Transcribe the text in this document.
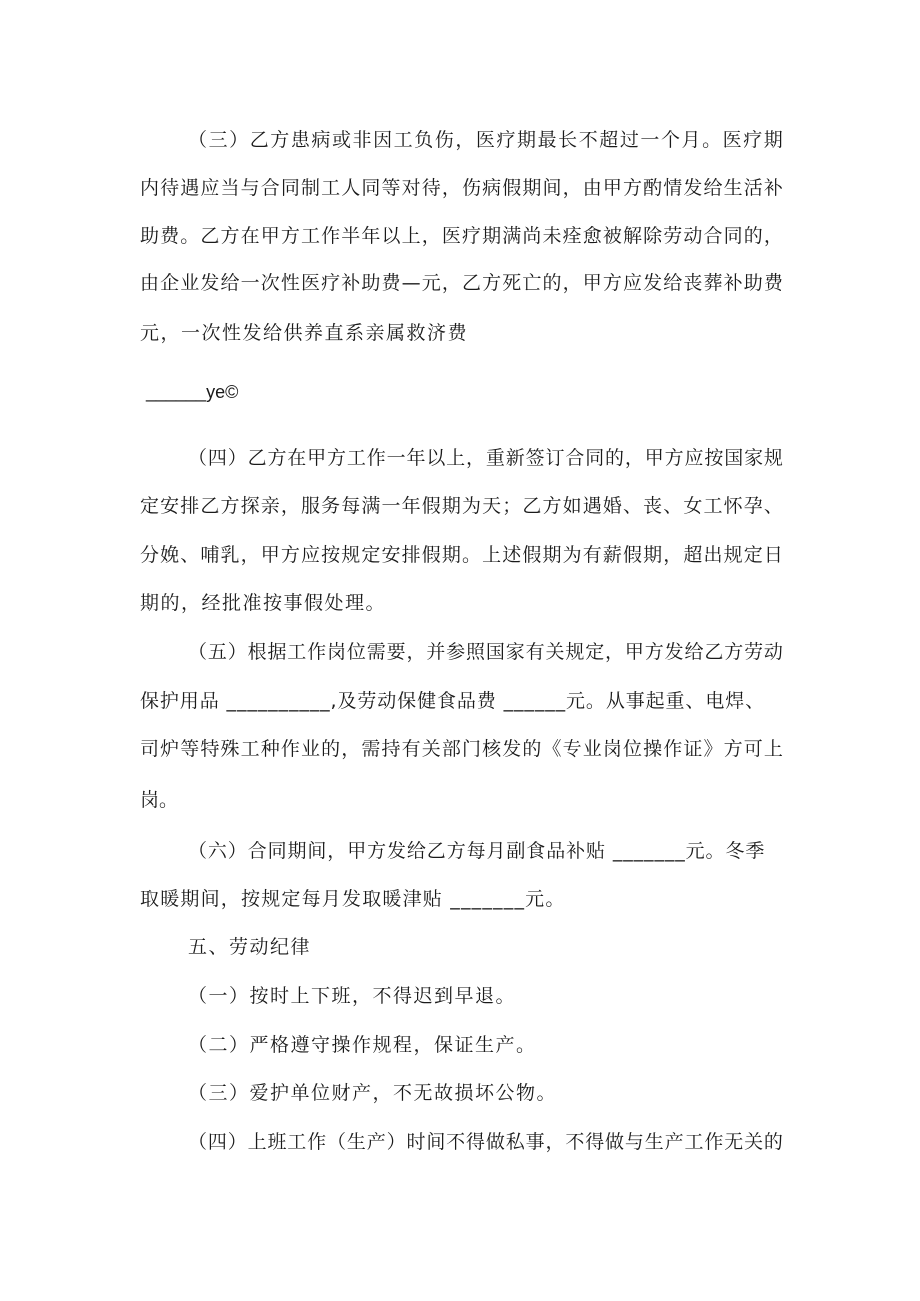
（ 三 ） 乙 方 患 病 或 非 因 工 负 伤 ， 医 疗 期 最 长 不 超 过 一 个 月 。 医 疗 期
内 待 遇 应 当 与 合 同 制 工 人 同 等 对 待 ， 伤 病 假 期 间 ， 由 甲 方 酌 情 发 给 生 活 补
助 费 。 乙 方 在 甲 方 工 作 半 年 以 上 ， 医 疗 期 满 尚 未 痊 愈 被 解 除 劳 动 合 同 的 ，
由 企 业 发 给 一 次 性 医 疗 补 助 费 — 元 ， 乙 方 死 亡 的 ， 甲 方 应 发 给 丧 葬 补 助 费
元，一次性发给供养直系亲属救济费
______ye©
（ 四 ） 乙 方 在 甲 方 工 作 一 年 以 上 ， 重 新 签 订 合 同 的 ， 甲 方 应 按 国 家 规
定 安 排 乙 方 探 亲 ， 服 务 每 满 一 年 假 期 为 天 ； 乙 方 如 遇 婚 、 丧 、 女 工 怀 孕 、
分 娩 、 哺 乳 ， 甲 方 应 按 规 定 安 排 假 期 。 上 述 假 期 为 有 薪 假 期 ， 超 出 规 定 日
期的，经批准按事假处理。
（ 五 ） 根 据 工 作 岗 位 需 要 ， 并 参 照 国 家 有 关 规 定 ， 甲 方 发 给 乙 方 劳 动
保护用品 __________,及劳动保健食品费 ______元。从事起重、电焊、
司 炉 等 特 殊 工 种 作 业 的 ， 需 持 有 关 部 门 核 发 的 《 专 业 岗 位 操 作 证 》 方 可 上
岗。
（六）合同期间，甲方发给乙方每月副食品补贴 _______元。冬季
取暖期间，按规定每月发取暖津贴 _______元。
五、劳动纪律
（一）按时上下班，不得迟到早退。
（二）严格遵守操作规程，保证生产。
（三）爱护单位财产，不无故损坏公物。
（ 四 ） 上 班 工 作 （ 生 产 ） 时 间 不 得 做 私 事 ， 不 得 做 与 生 产 工 作 无 关 的
